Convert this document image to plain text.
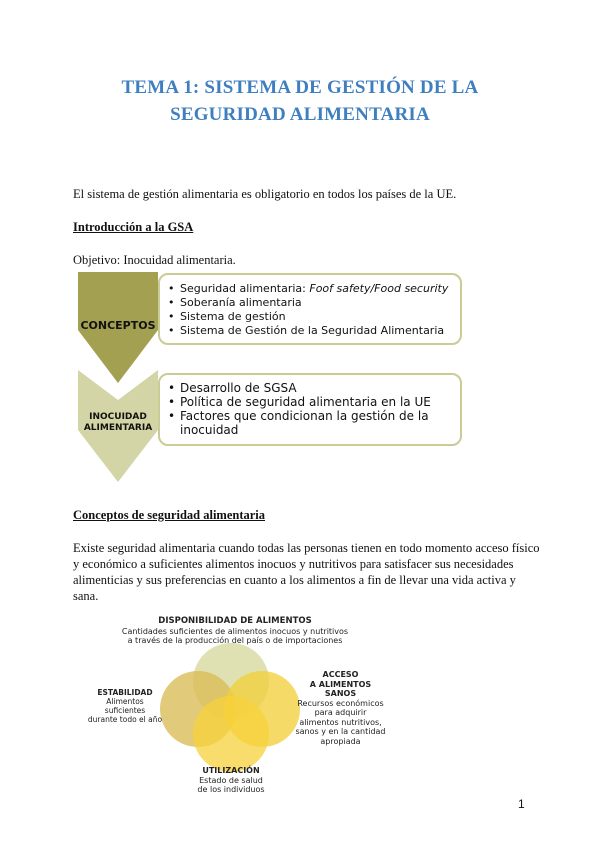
TEMA 1: SISTEMA DE GESTIÓN DE LA
SEGURIDAD ALIMENTARIA
El sistema de gestión alimentaria es obligatorio en todos los países de la UE.
Introducción a la GSA
Objetivo: Inocuidad alimentaria.
CONCEPTOS
INOCUIDAD
ALIMENTARIA
• Seguridad alimentaria: Foof safety/Food security
• Soberanía alimentaria
• Sistema de gestión
• Sistema de Gestión de la Seguridad Alimentaria
• Desarrollo de SGSA
• Política de seguridad alimentaria en la UE
• Factores que condicionan la gestión de la inocuidad
Conceptos de seguridad alimentaria
Existe seguridad alimentaria cuando todas las personas tienen en todo momento acceso físico
y económico a suficientes alimentos inocuos y nutritivos para satisfacer sus necesidades
alimenticias y sus preferencias en cuanto a los alimentos a fin de llevar una vida activa y
sana.
DISPONIBILIDAD DE ALIMENTOS
Cantidades suficientes de alimentos inocuos y nutritivos
a través de la producción del país o de importaciones
ESTABILIDAD
Alimentos
suficientes
durante todo el año
ACCESO
A ALIMENTOS
SANOS
Recursos económicos
para adquirir
alimentos nutritivos,
sanos y en la cantidad
apropiada
UTILIZACIÓN
Estado de salud
de los individuos
1
